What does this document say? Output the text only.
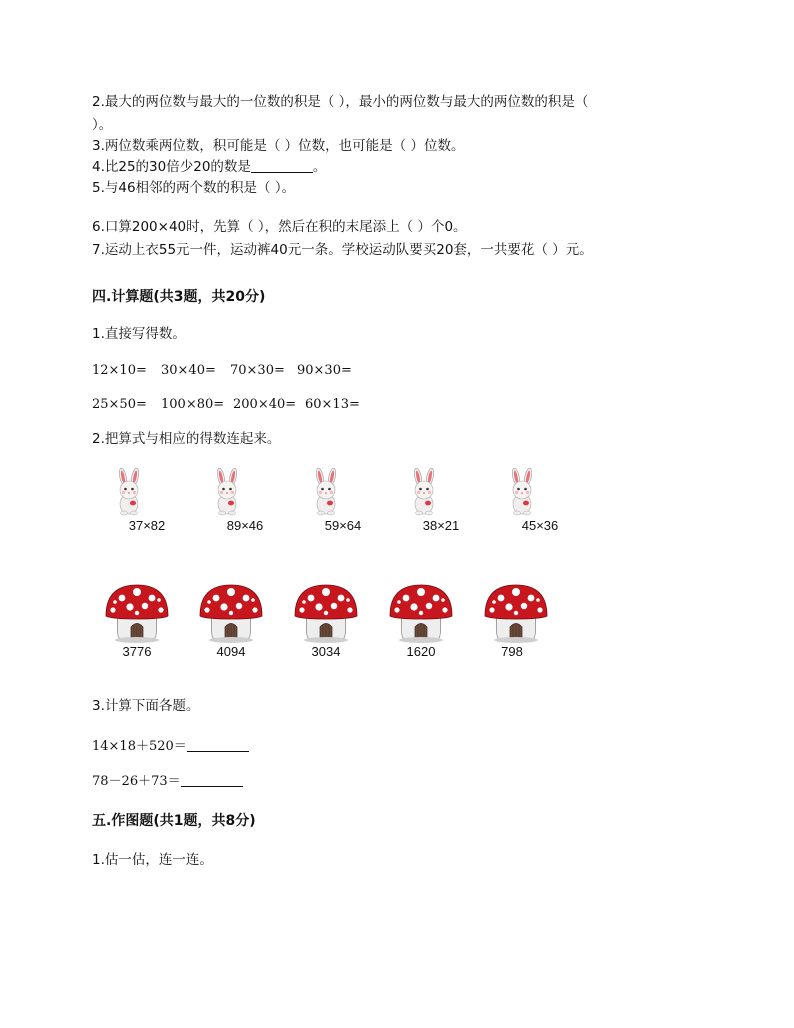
2.最大的两位数与最大的一位数的积是（ ），最小的两位数与最大的两位数的积是（
）。
3.两位数乘两位数，积可能是（ ）位数，也可能是（ ）位数。
4.比25的30倍少20的数是	。
5.与46相邻的两个数的积是（ ）。
6.口算200×40时，先算（ ），然后在积的末尾添上（ ）个0。
7.运动上衣55元一件，运动裤40元一条。学校运动队要买20套，一共要花（ ）元。
四.计算题(共3题，共20分)
1.直接写得数。
12×10= 30×40= 70×30= 90×30=
25×50= 100×80= 200×40= 60×13=
2.把算式与相应的得数连起来。
37×82	89×46	59×64	38×21	45×36
3776	4094	3034	1620	798
3.计算下面各题。
14×18＋520＝
78－26＋73＝
五.作图题(共1题，共8分)
1.估一估，连一连。
